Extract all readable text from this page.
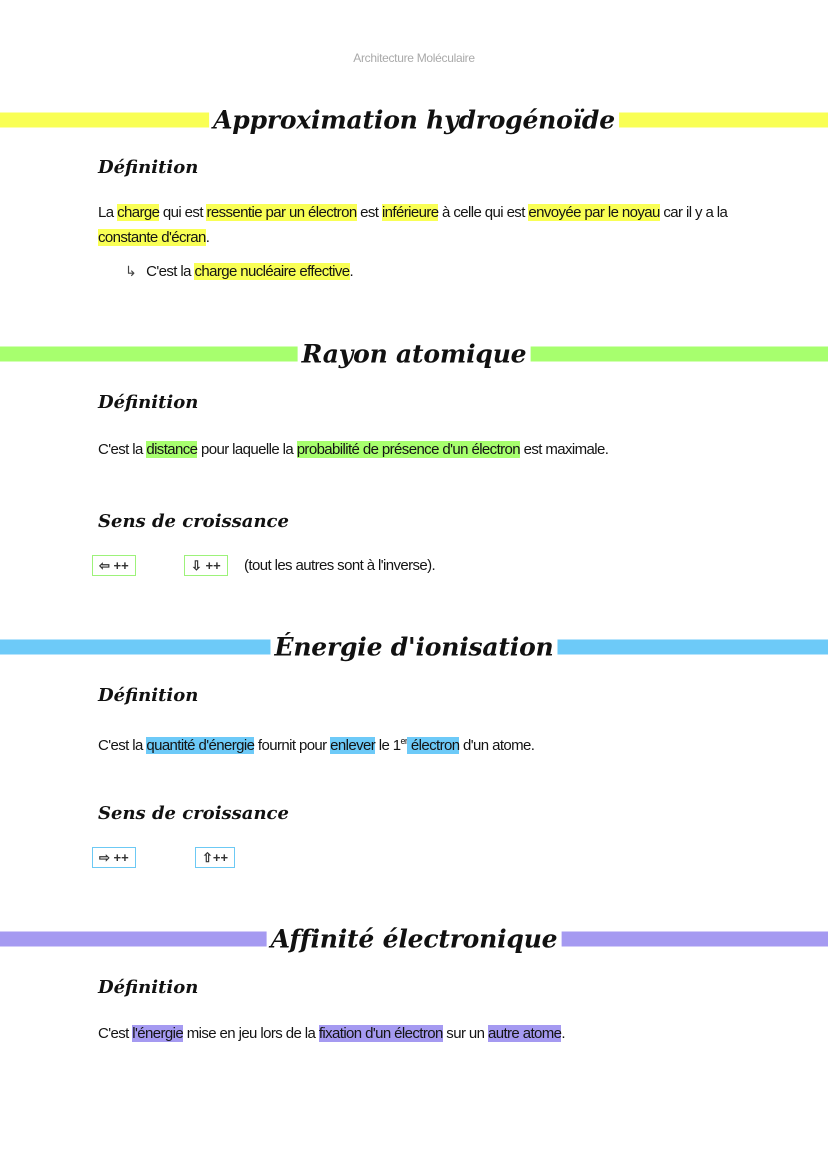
Architecture Moléculaire
Approximation hydrogénoïde
Définition
La charge qui est ressentie par un électron est inférieure à celle qui est envoyée par le noyau car il y a la constante d'écran.
↳ C'est la charge nucléaire effective.
Rayon atomique
Définition
C'est la distance pour laquelle la probabilité de présence d'un électron est maximale.
Sens de croissance
⇦ ++	⇩ ++	(tout les autres sont à l'inverse).
Énergie d'ionisation
Définition
C'est la quantité d'énergie fournit pour enlever le 1er électron d'un atome.
Sens de croissance
⇨ ++	⇧++
Affinité électronique
Définition
C'est l'énergie mise en jeu lors de la fixation d'un électron sur un autre atome.
